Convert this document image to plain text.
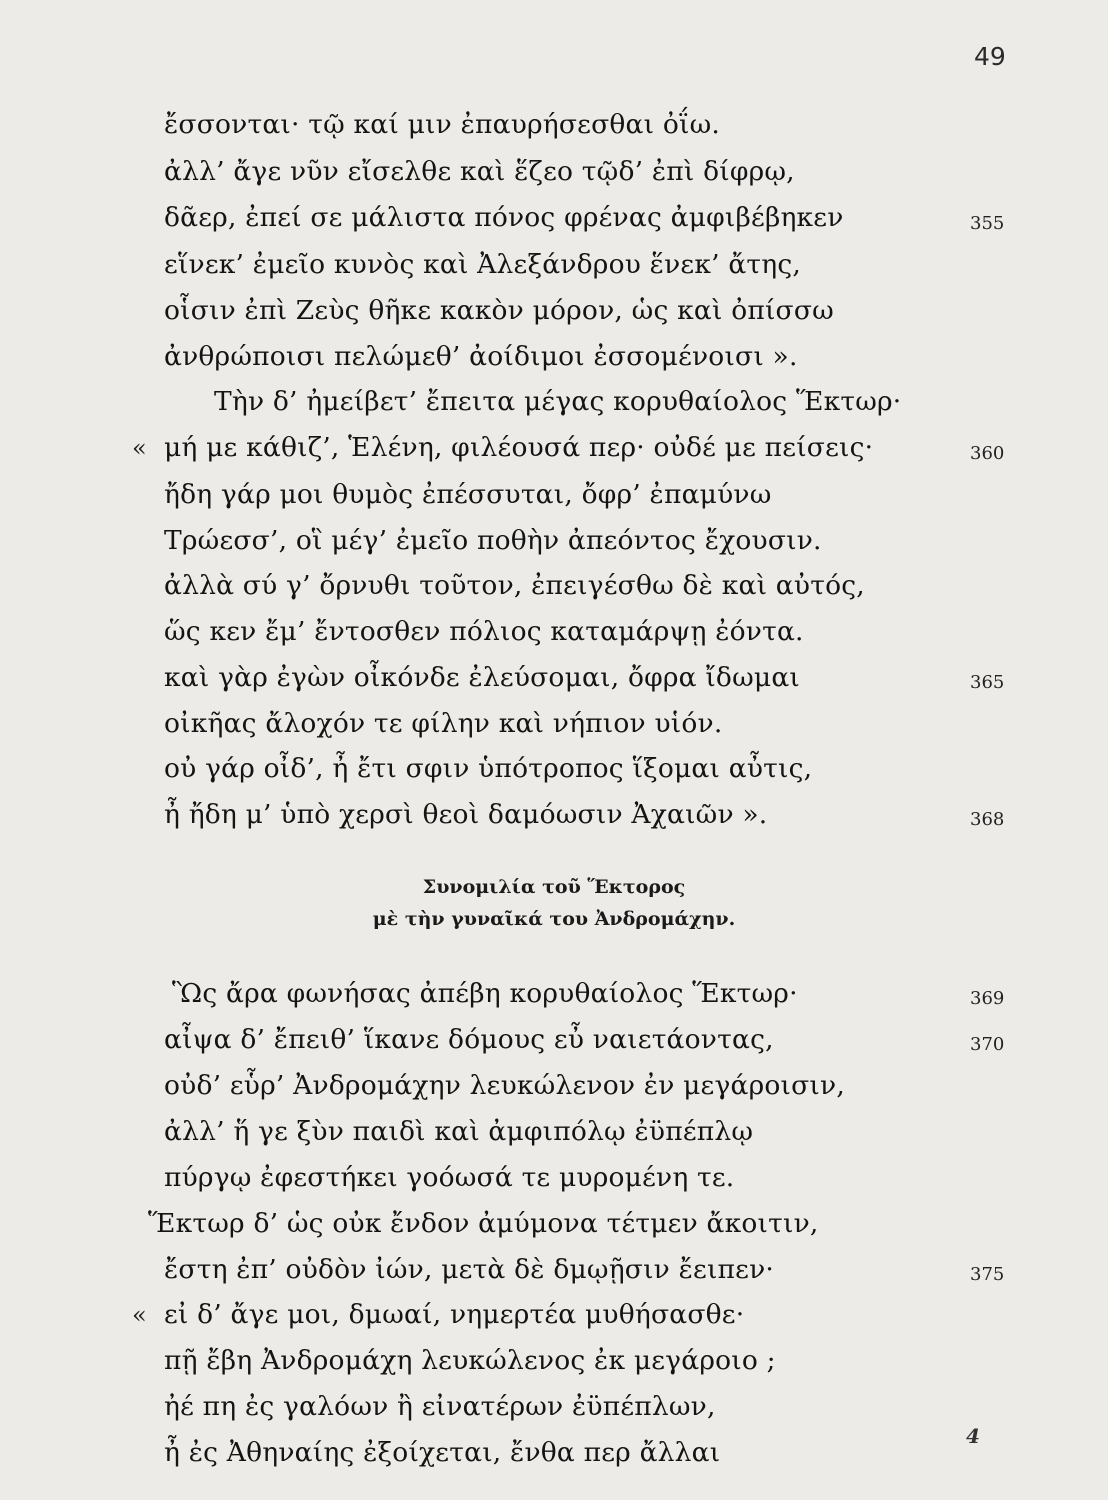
49
ἔσσονται· τῷ καί μιν ἐπαυρήσεσθαι ὀΐω.
ἀλλ’ ἄγε νῦν εἴσελθε καὶ ἕζεο τῷδ’ ἐπὶ δίφρῳ,
δᾶερ, ἐπεί σε μάλιστα πόνος φρένας ἀμφιβέβηκεν
εἵνεκ’ ἐμεῖο κυνὸς καὶ Ἀλεξάνδρου ἕνεκ’ ἄτης,
οἷσιν ἐπὶ Ζεὺς θῆκε κακὸν μόρον, ὡς καὶ ὀπίσσω
ἀνθρώποισι πελώμεθ’ ἀοίδιμοι ἐσσομένοισι ».
Τὴν δ’ ἠμείβετ’ ἔπειτα μέγας κορυθαίολος Ἕκτωρ·
μή με κάθιζ’, Ἑλένη, φιλέουσά περ· οὐδέ με πείσεις·
ἤδη γάρ μοι θυμὸς ἐπέσσυται, ὄφρ’ ἐπαμύνω
Τρώεσσ’, οἳ μέγ’ ἐμεῖο ποθὴν ἀπεόντος ἔχουσιν.
ἀλλὰ σύ γ’ ὄρνυθι τοῦτον, ἐπειγέσθω δὲ καὶ αὐτός,
ὥς κεν ἔμ’ ἔντοσθεν πόλιος καταμάρψῃ ἐόντα.
καὶ γὰρ ἐγὼν οἶκόνδε ἐλεύσομαι, ὄφρα ἴδωμαι
οἰκῆας ἄλοχόν τε φίλην καὶ νήπιον υἱόν.
οὐ γάρ οἶδ’, ἦ ἔτι σφιν ὑπότροπος ἵξομαι αὖτις,
ἦ ἤδη μ’ ὑπὸ χερσὶ θεοὶ δαμόωσιν Ἀχαιῶν ».
«
Συνομιλία τοῦ Ἕκτορος
μὲ τὴν γυναῖκά του Ἀνδρομάχην.
Ὣς ἄρα φωνήσας ἀπέβη κορυθαίολος Ἕκτωρ·
αἶψα δ’ ἔπειθ’ ἵκανε δόμους εὖ ναιετάοντας,
οὐδ’ εὗρ’ Ἀνδρομάχην λευκώλενον ἐν μεγάροισιν,
ἀλλ’ ἥ γε ξὺν παιδὶ καὶ ἀμφιπόλῳ ἐϋπέπλῳ
πύργῳ ἐφεστήκει γοόωσά τε μυρομένη τε.
Ἕκτωρ δ’ ὡς οὐκ ἔνδον ἀμύμονα τέτμεν ἄκοιτιν,
ἔστη ἐπ’ οὐδὸν ἰών, μετὰ δὲ δμῳῇσιν ἔειπεν·
εἰ δ’ ἄγε μοι, δμωαί, νημερτέα μυθήσασθε·
πῇ ἔβη Ἀνδρομάχη λευκώλενος ἐκ μεγάροιο ;
ἠέ πη ἐς γαλόων ἢ εἰνατέρων ἐϋπέπλων,
ἦ ἐς Ἀθηναίης ἐξοίχεται, ἔνθα περ ἄλλαι
«
355
360
365
368
369
370
375
4
